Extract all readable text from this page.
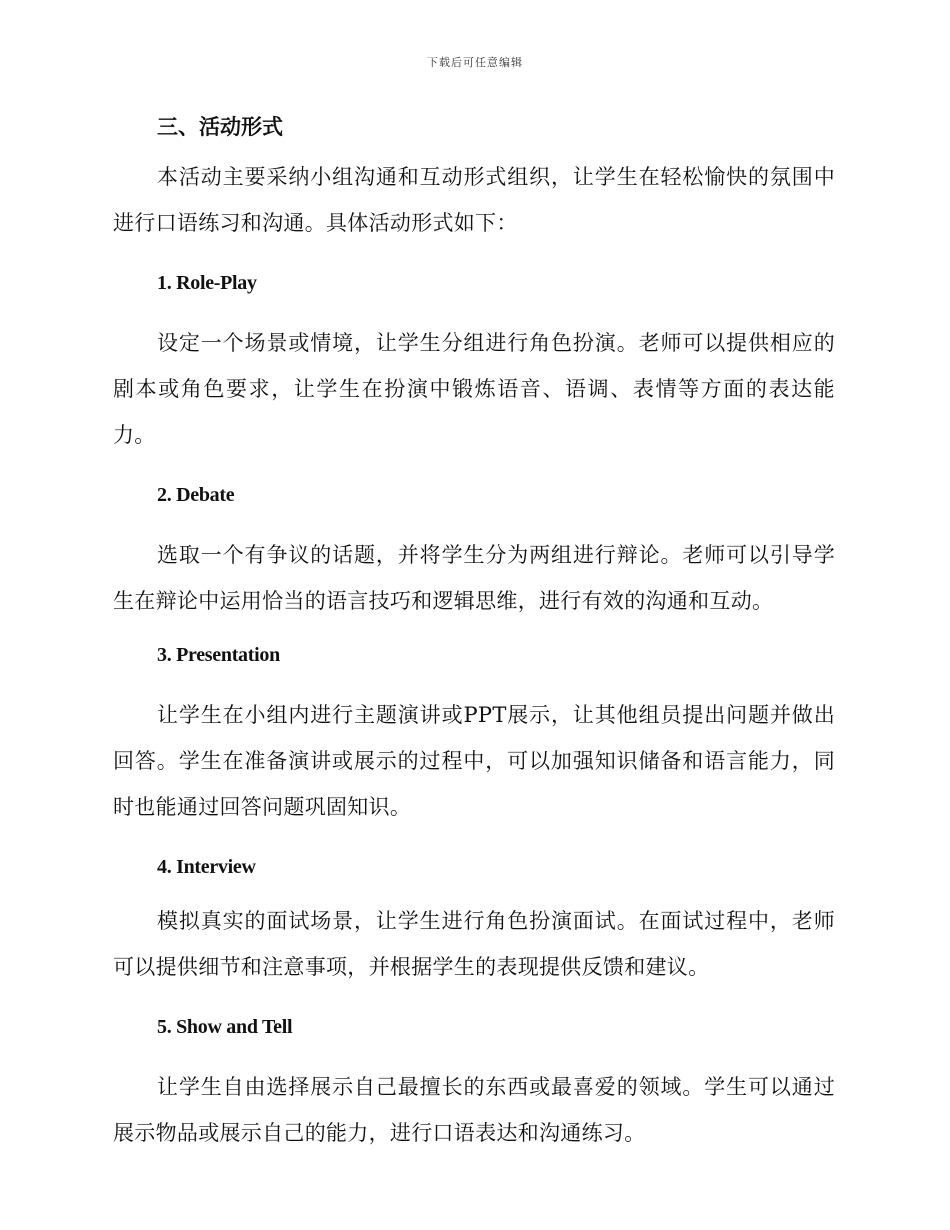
下载后可任意编辑
三、活动形式

本活动主要采纳小组沟通和互动形式组织，让学生在轻松愉快的氛围中进行口语练习和沟通。具体活动形式如下：

1. Role-Play

设定一个场景或情境，让学生分组进行角色扮演。老师可以提供相应的剧本或角色要求，让学生在扮演中锻炼语音、语调、表情等方面的表达能力。

2. Debate

选取一个有争议的话题，并将学生分为两组进行辩论。老师可以引导学生在辩论中运用恰当的语言技巧和逻辑思维，进行有效的沟通和互动。

3. Presentation

让学生在小组内进行主题演讲或PPT展示，让其他组员提出问题并做出回答。学生在准备演讲或展示的过程中，可以加强知识储备和语言能力，同时也能通过回答问题巩固知识。

4. Interview

模拟真实的面试场景，让学生进行角色扮演面试。在面试过程中，老师可以提供细节和注意事项，并根据学生的表现提供反馈和建议。

5. Show and Tell

让学生自由选择展示自己最擅长的东西或最喜爱的领域。学生可以通过展示物品或展示自己的能力，进行口语表达和沟通练习。
